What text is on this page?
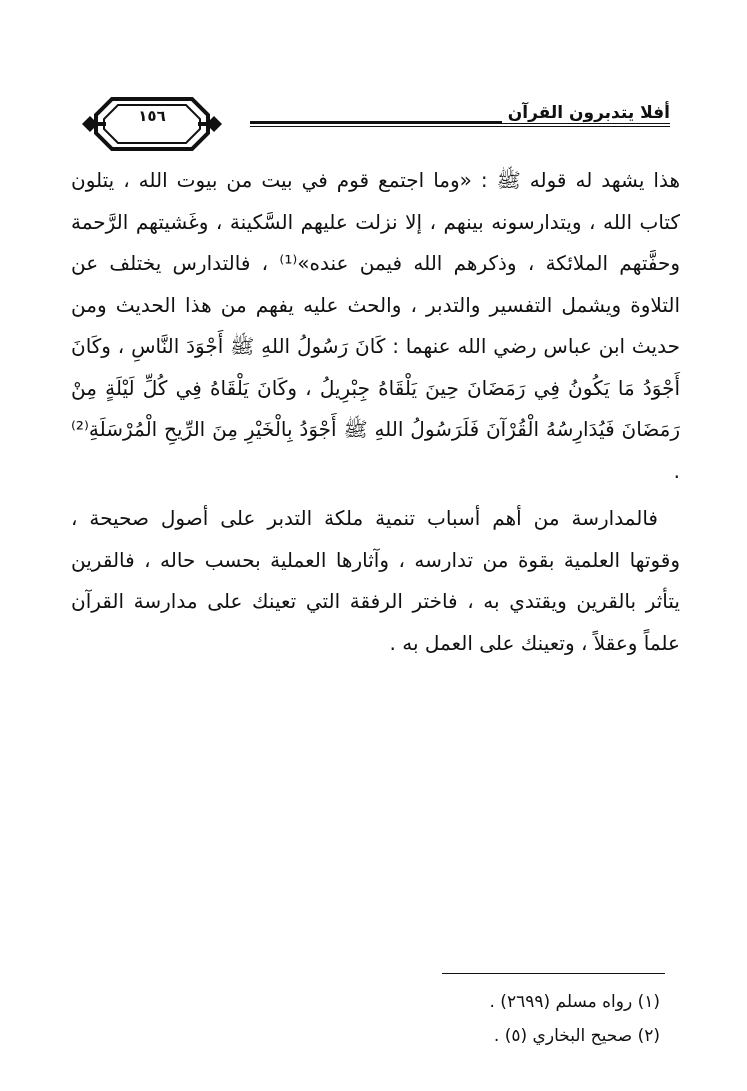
أفلا يتدبرون القرآن
١٥٦

هذا يشهد له قوله ﷺ : «وما اجتمع قوم في بيت من بيوت الله ، يتلون كتاب الله ، ويتدارسونه بينهم ، إلا نزلت عليهم السَّكينة ، وغَشيتهم الرَّحمة وحفَّتهم الملائكة ، وذكرهم الله فيمن عنده»⁽¹⁾ ، فالتدارس يختلف عن التلاوة ويشمل التفسير والتدبر ، والحث عليه يفهم من هذا الحديث ومن حديث ابن عباس رضي الله عنهما : كَانَ رَسُولُ اللهِ ﷺ أَجْوَدَ النَّاسِ ، وكَانَ أَجْوَدُ مَا يَكُونُ فِي رَمَضَانَ حِينَ يَلْقَاهُ جِبْرِيلُ ، وكَانَ يَلْقَاهُ فِي كُلِّ لَيْلَةٍ مِنْ رَمَضَانَ فَيُدَارِسُهُ الْقُرْآنَ فَلَرَسُولُ اللهِ ﷺ أَجْوَدُ بِالْخَيْرِ مِنَ الرِّيحِ الْمُرْسَلَةِ⁽²⁾ .

فالمدارسة من أهم أسباب تنمية ملكة التدبر على أصول صحيحة ، وقوتها العلمية بقوة من تدارسه ، وآثارها العملية بحسب حاله ، فالقرين يتأثر بالقرين ويقتدي به ، فاختر الرفقة التي تعينك على مدارسة القرآن علماً وعقلاً ، وتعينك على العمل به .

(١) رواه مسلم (٢٦٩٩) .

(٢) صحيح البخاري (٥) .
